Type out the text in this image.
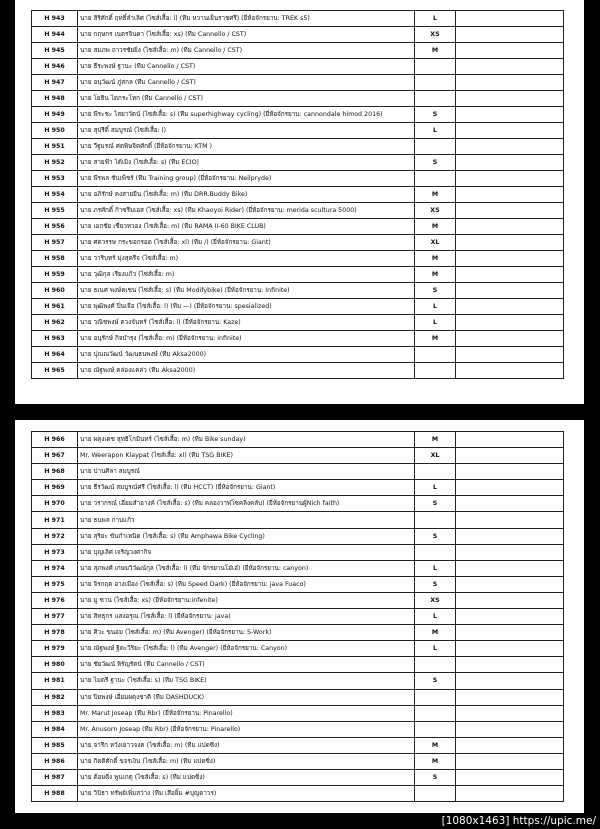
H 943	นาย สิริศักดิ์ ฤทธิ์ลำเลิศ (ไซส์เสื้อ: l) (ทีม หวานเย็นราชศรี) (ยี่ห้อจักรยาน: TREK s5)	L	
H 944	นาย กฤษกร เนตรจินดา (ไซส์เสื้อ: xs) (ทีม Cannello / CST)	XS	
H 945	นาย สมภพ ถาวรชัยยิ่ง (ไซส์เสื้อ: m) (ทีม Cannello / CST)	M	
H 946	นาย ธีระพงษ์ ฐานะ (ทีม Cannello / CST)		
H 947	นาย อนุวัฒน์ ภู่สกล (ทีม Cannello / CST)		
H 948	นาย โยธิน ไตกระโทก (ทีม Cannello / CST)		
H 949	นาย พีระชะ ไสยาวัตน์ (ไซส์เสื้อ: s) (ทีม superhighway cycling) (ยี่ห้อจักรยาน: cannondale himod 2016)	S	
H 950	นาย สุปรีดิ์ สมบูรณ์ (ไซส์เสื้อ: l)	L	
H 951	นาย วีฐมรณ์ ศตพิษจิตศักดิ์ (ยี่ห้อจักรยาน: KTM )		
H 952	นาย สายฟ้า ไต้เมิง (ไซส์เสื้อ: s) (ทีม ECIO)	S	
H 953	นาย พีรพล ชันเพ็ชร์ (ทีม Training group) (ยี่ห้อจักรยาน: Neilpryde)		
H 954	นาย อภิรักษ์ คงสายยืน (ไซส์เสื้อ: m) (ทีม DRR.Buddy Bike)	M	
H 955	นาย ภรศักดิ์ ก้าซรีมเอส (ไซส์เสื้อ: xs) (ทีม Khaoyoi Rider) (ยี่ห้อจักรยาน: merida scultura 5000)	XS	
H 956	นาย เอกชัย เชี่ยวหวอง (ไซส์เสื้อ: m) (ทีม RAMA II-60 BIKE CLUB)	M	
H 957	นาย ศตวรรษ กระขอกรอด (ไซส์เสื้อ: xl) (ทีม /) (ยี่ห้อจักรยาน: Giant)	XL	
H 958	นาย วาริบทร์ มุ่งสุครีจ (ไซส์เสื้อ: m)	M	
H 959	นาย วุฒิกุล เรียงแก้ว (ไซส์เสื้อ: m)	M	
H 960	นาย ธเนศ พงษ์คเชน (ไซส์เสื้อ: s) (ทีม Modifybike) (ยี่ห้อจักรยาน: Infinite)	S	
H 961	นาย พุฒิพงศ์ ปิ่นเจือ (ไซส์เสื้อ: l) (ทีม —) (ยี่ห้อจักรยาน: spesialized)	L	
H 962	นาย วณิชพงษ์ ตวงจันทร์ (ไซส์เสื้อ: l) (ยี่ห้อจักรยาน: Kaze)	L	
H 963	นาย อนุรักษ์ กิจบำรุง (ไซส์เสื้อ: m) (ยี่ห้อจักรยาน: infinite)	M	
H 964	นาย ปุณณวัฒน์ วัฒนธนพงษ์ (ทีม Aksa2000)		
H 965	นาย ณัฐพงษ์ คล่องแคล่ว (ทีม Aksa2000)		
H 966	นาย ผดุงเดช สุทธิโกมินทร์ (ไซส์เสื้อ: m) (ทีม Bike sunday)	M	
H 967	Mr. Weerapon Klaypat (ไซส์เสื้อ: xl) (ทีม TSG BIKE)	XL	
H 968	นาย ปานศิลา สมบูรณ์		
H 969	นาย ธีรวัฒน์ สมบูรณ์ศรี (ไซส์เสื้อ: l) (ทีม HCCT) (ยี่ห้อจักรยาน: Giant)	L	
H 970	นาย วรากรณ์ เอี่ยมสำอางค์ (ไซส์เสื้อ: s) (ทีม คลองวาฬโซคลิ่งคลับ) (ยี่ห้อจักรยานผู้Nich faith)	S	
H 971	นาย ธนพล กาบแก้ว		
H 972	นาย สุริยะ ขันกำเหนิด (ไซส์เสื้อ: s) (ทีม Amphawa Bike Cycling)	S	
H 973	นาย บุญเลิศ เจริญวงศากิจ		
H 974	นาย สุภพงศ์ เกษมวิวัฒน์กุล (ไซส์เสื้อ: l) (ทีม จักรยานโอ๋เอ๋) (ยี่ห้อจักรยาน: canyon)	L	
H 975	นาย จิรกฤต อางเมือง (ไซส์เสื้อ: s) (ทีม Speed Dark) (ยี่ห้อจักรยาน: java Fuaco)	S	
H 976	นาย มู ซาน (ไซส์เสื้อ: xs) (ยี่ห้อจักรยาน:infenite)	XS	
H 977	นาย สิทธุกร แสงอรุณ (ไซส์เสื้อ: l) (ยี่ห้อจักรยาน: java)	L	
H 978	นาย ศิวะ ขนอม (ไซส์เสื้อ: m) (ทีม Avenger) (ยี่ห้อจักรยาน: S-Work)	M	
H 979	นาย ณัฐพงษ์ ฐิตะวิริยะ (ไซส์เสื้อ: l) (ทีม Avenger) (ยี่ห้อจักรยาน: Canyon)	L	
H 980	นาย ชัยวัฒน์ หิรัญรัตน์ (ทีม Cannello / CST)		
H 981	นาย ไมตรี ฐานะ (ไซส์เสื้อ: s) (ทีม TSG BIKE)	S	
H 982	นาย ปิยพงษ์ เอี่ยมผดุงชาติ (ทีม DASHDUCK)		
H 983	Mr. Marut Joseap (ทีม Rbr) (ยี่ห้อจักรยาน: Pinarello)		
H 984	Mr. Anusorn Joseap (ทีม Rbr) (ยี่ห้อจักรยาน: Pinarello)		
H 985	นาย จารึก หวังเยาวจงค (ไซส์เสื้อ: m) (ทีม แปดซิ่ง)	M	
H 986	นาย กิตติศักดิ์ ขจรเงิน (ไซส์เสื้อ: m) (ทีม แปดซิ่ง)	M	
H 987	นาย ต้อยติ่ง พูนเกตุ (ไซส์เสื้อ: s) (ทีม แปดซิ่ง)	S	
H 988	นาย วิบิธา ทรัพย์เพิ่มสว่าง (ทีม เสือยิ้ม #บุญดาวร)		
[1080x1463] https://upic.me/
